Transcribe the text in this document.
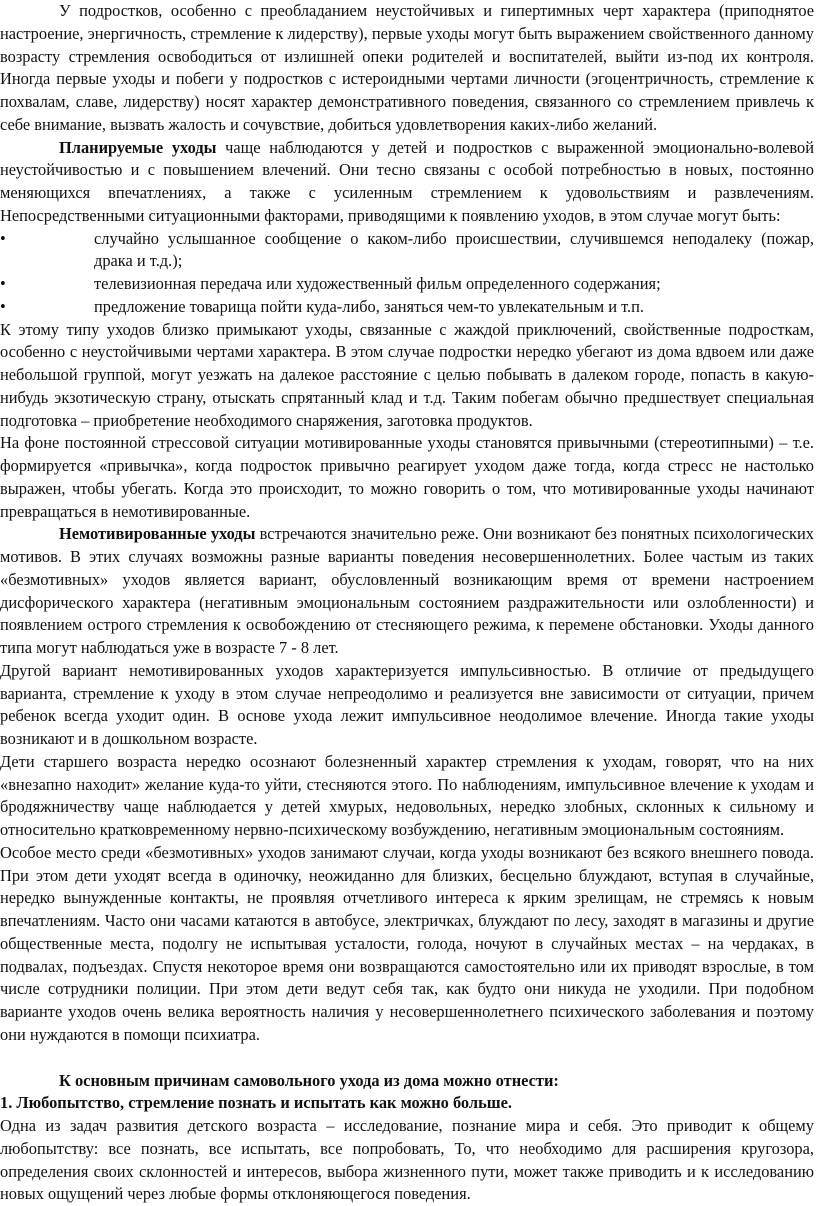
У подростков, особенно с преобладанием неустойчивых и гипертимных черт характера (приподнятое настроение, энергичность, стремление к лидерству), первые уходы могут быть выражением свойственного данному возрасту стремления освободиться от излишней опеки родителей и воспитателей, выйти из-под их контроля. Иногда первые уходы и побеги у подростков с истероидными чертами личности (эгоцентричность, стремление к похвалам, славе, лидерству) носят характер демонстративного поведения, связанного со стремлением привлечь к себе внимание, вызвать жалость и сочувствие, добиться удовлетворения каких-либо желаний.

Планируемые уходы чаще наблюдаются у детей и подростков с выраженной эмоционально-волевой неустойчивостью и с повышением влечений. Они тесно связаны с особой потребностью в новых, постоянно меняющихся впечатлениях, а также с усиленным стремлением к удовольствиям и развлечениям. Непосредственными ситуационными факторами, приводящими к появлению уходов, в этом случае могут быть:

•	случайно услышанное сообщение о каком-либо происшествии, случившемся неподалеку (пожар, драка и т.д.);
•	телевизионная передача или художественный фильм определенного содержания;
•	предложение товарища пойти куда-либо, заняться чем-то увлекательным и т.п.

К этому типу уходов близко примыкают уходы, связанные с жаждой приключений, свойственные подросткам, особенно с неустойчивыми чертами характера. В этом случае подростки нередко убегают из дома вдвоем или даже небольшой группой, могут уезжать на далекое расстояние с целью побывать в далеком городе, попасть в какую-нибудь экзотическую страну, отыскать спрятанный клад и т.д. Таким побегам обычно предшествует специальная подготовка – приобретение необходимого снаряжения, заготовка продуктов.

На фоне постоянной стрессовой ситуации мотивированные уходы становятся привычными (стереотипными) – т.е. формируется «привычка», когда подросток привычно реагирует уходом даже тогда, когда стресс не настолько выражен, чтобы убегать. Когда это происходит, то можно говорить о том, что мотивированные уходы начинают превращаться в немотивированные.

Немотивированные уходы встречаются значительно реже. Они возникают без понятных психологических мотивов. В этих случаях возможны разные варианты поведения несовершеннолетних. Более частым из таких «безмотивных» уходов является вариант, обусловленный возникающим время от времени настроением дисфорического характера (негативным эмоциональным состоянием раздражительности или озлобленности) и появлением острого стремления к освобождению от стесняющего режима, к перемене обстановки. Уходы данного типа могут наблюдаться уже в возрасте 7 - 8 лет.

Другой вариант немотивированных уходов характеризуется импульсивностью. В отличие от предыдущего варианта, стремление к уходу в этом случае непреодолимо и реализуется вне зависимости от ситуации, причем ребенок всегда уходит один. В основе ухода лежит импульсивное неодолимое влечение. Иногда такие уходы возникают и в дошкольном возрасте.

Дети старшего возраста нередко осознают болезненный характер стремления к уходам, говорят, что на них «внезапно находит» желание куда-то уйти, стесняются этого. По наблюдениям, импульсивное влечение к уходам и бродяжничеству чаще наблюдается у детей хмурых, недовольных, нередко злобных, склонных к сильному и относительно кратковременному нервно-психическому возбуждению, негативным эмоциональным состояниям.

Особое место среди «безмотивных» уходов занимают случаи, когда уходы возникают без всякого внешнего повода. При этом дети уходят всегда в одиночку, неожиданно для близких, бесцельно блуждают, вступая в случайные, нередко вынужденные контакты, не проявляя отчетливого интереса к ярким зрелищам, не стремясь к новым впечатлениям. Часто они часами катаются в автобусе, электричках, блуждают по лесу, заходят в магазины и другие общественные места, подолгу не испытывая усталости, голода, ночуют в случайных местах – на чердаках, в подвалах, подъездах. Спустя некоторое время они возвращаются самостоятельно или их приводят взрослые, в том числе сотрудники полиции. При этом дети ведут себя так, как будто они никуда не уходили. При подобном варианте уходов очень велика вероятность наличия у несовершеннолетнего психического заболевания и поэтому они нуждаются в помощи психиатра.

К основным причинам самовольного ухода из дома можно отнести:

1. Любопытство, стремление познать и испытать как можно больше.

Одна из задач развития детского возраста – исследование, познание мира и себя. Это приводит к общему любопытству: все познать, все испытать, все попробовать, То, что необходимо для расширения кругозора, определения своих склонностей и интересов, выбора жизненного пути, может также приводить и к исследованию новых ощущений через любые формы отклоняющегося поведения.
